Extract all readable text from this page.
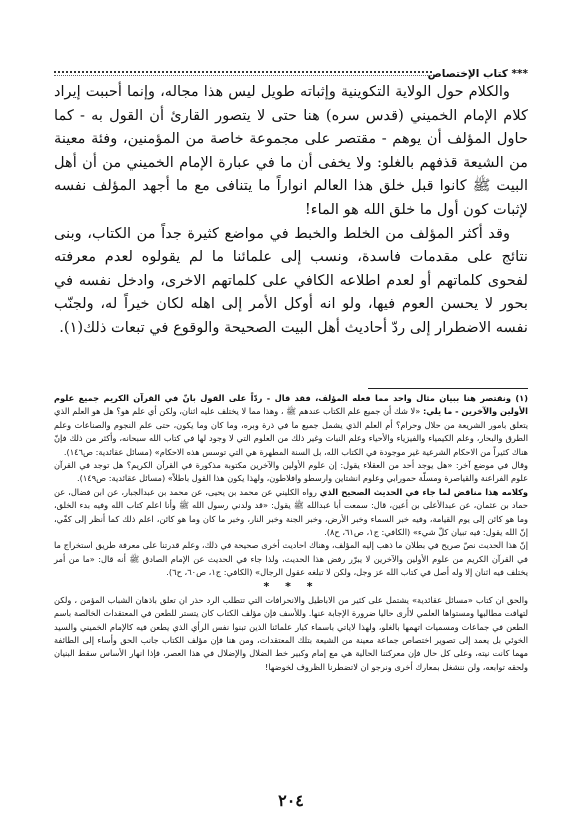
*** كتاب الإختصاص

والكلام حول الولاية التكوينية وإثباته طويل ليس هذا مجاله، وإنما أحببت إيراد كلام الإمام الخميني (قدس سره) هنا حتى لا يتصور القارئ أن القول به - كما حاول المؤلف أن يوهم - مقتصر على مجموعة خاصة من المؤمنين، وفئة معينة من الشيعة قذفهم بالغلو: ولا يخفى أن ما في عبارة الإمام الخميني من أن أهل البيت ﷺ كانوا قبل خلق هذا العالم انواراً ما يتنافى مع ما أجهد المؤلف نفسه لإثبات كون أول ما خلق الله هو الماء!

وقد أكثر المؤلف من الخلط والخبط في مواضع كثيرة جداً من الكتاب، وبنى نتائج على مقدمات فاسدة، ونسب إلى علمائنا ما لم يقولوه لعدم معرفته لفحوى كلماتهم أو لعدم اطلاعه الكافي على كلماتهم الاخرى، وادخل نفسه في بحور لا يحسن العوم فيها، ولو انه أوكل الأمر إلى اهله لكان خيراً له، ولجنّب نفسه الاضطرار إلى ردّ أحاديث أهل البيت الصحيحة والوقوع في تبعات ذلك(١).

(١) ونقتصر هنا ببيان مثال واحد مما فعله المؤلف، فقد قال - ردّاً على القول بانّ في القرآن الكريم جميع علوم الأولين والآخرين - ما يلي: «لا شك أن جميع علم الكتاب عندهم ﷺ ، وهذا مما لا يختلف عليه اثنان، ولكن أي علم هو؟ هل هو العلم الذي يتعلق بامور الشريعة من حلال وحرام؟ أم العلم الذي يشمل جميع ما في ذرة وبره، وما كان وما يكون، حتى علم النجوم والصناعات وعلم الطرق والبحار، وعلم الكيمياء والفيزياء والأحياء وعلم النبات وغير ذلك من العلوم التي لا وجود لها في كتاب الله سبحانه، وأكثر من ذلك فإنّ هناك كثيراً من الاحكام الشرعية غير موجودة في الكتاب الله، بل السنة المطهرة هي التي توسس هذه الاحكام» (مسائل عقائدية: ص١٤٦).

وقال في موضع آخر: «هل يوجد أحد من العقلاء يقول: إن علوم الأولين والآخرين مكتوبة مذكورة في القرآن الكريم؟ هل توجد في القرآن علوم الفراعنة والقياصرة ومسلّة حمورابي وعلوم انشتاين وارسطو وافلاطون، ولهذا يكون هذا القول باطلاً» (مسائل عقائدية: ص١٤٩).

وكلامه هذا مناقض لما جاء في الحديث الصحيح الذي رواه الكليني عن محمد بن يحيى، عن محمد بن عبدالجبار، عن ابن فضال، عن حماد بن عثمان، عن عبدالأعلى بن أعين، قال: سمعت أبا عبدالله ﷺ يقول: «قد ولدني رسول الله ﷺ وأنا اعلم كتاب الله وفيه بدء الخلق، وما هو كائن إلى يوم القيامة، وفيه خبر السماء وخبر الأرض، وخبر الجنة وخبر النار، وخبر ما كان وما هو كائن، اعلم ذلك كما أنظر إلى كفّي، إنّ الله يقول: فيه تبيان كلّ شيء» (الكافي: ج١، ص٦١، ح٨).

إنّ هذا الحديث نصّ صريح في بطلان ما ذهب إليه المؤلف، وهناك احاديث أخرى صحيحة في ذلك، وعلم قدرتنا على معرفة طريق استخراج ما في القرآن الكريم من علوم الأولين والآخرين لا يبرّر رفض هذا الحديث، ولذا جاء في الحديث عن الإمام الصادق ﷺ أنه قال: «ما من أمر يختلف فيه اثنان إلا وله أصل في كتاب الله عز وجل، ولكن لا تبلغه عقول الرجال» (الكافي: ج١، ص٦٠، ح٦).

* * *

والحق ان كتاب «مسائل عقائدية» يشتمل على كثير من الاباطيل والانحرافات التي تتطلب الرد حذر ان تعلق باذهان الشباب المؤمن ، ولكن لتهافت مطالبها ومستواها العلمي لاأرى حاليا ضرورة الإجابة عنها. وللأسف فإن مؤلف الكتاب كان يتستر للطعن في المعتقدات الخالصة باسم الطعن في جماعات ومسميات اتهمها بالغلو، ولهذا لاياتي باسماء كبار علمائنا الذين تبنوا نفس الرأي الذي يطعن فيه كالإمام الخميني والسيد الخوئي بل يعمد إلى تصوير اختصاص جماعة معينة من الشيعة بتلك المعتقدات، ومن هنا فإن مؤلف الكتاب جانب الحق وأساء إلى الطائفة مهما كانت نيته، وعلى كل حال فإن معركتنا الحالية هي مع إمام وكبير خط الضلال والإضلال في هذا العصر، فإذا انهار الأساس سقط البنيان ولحقه توابعه، ولن ننشغل بمعارك أخرى ونرجو ان لاتضطرنا الظروف لخوضها!

٢٠٤
